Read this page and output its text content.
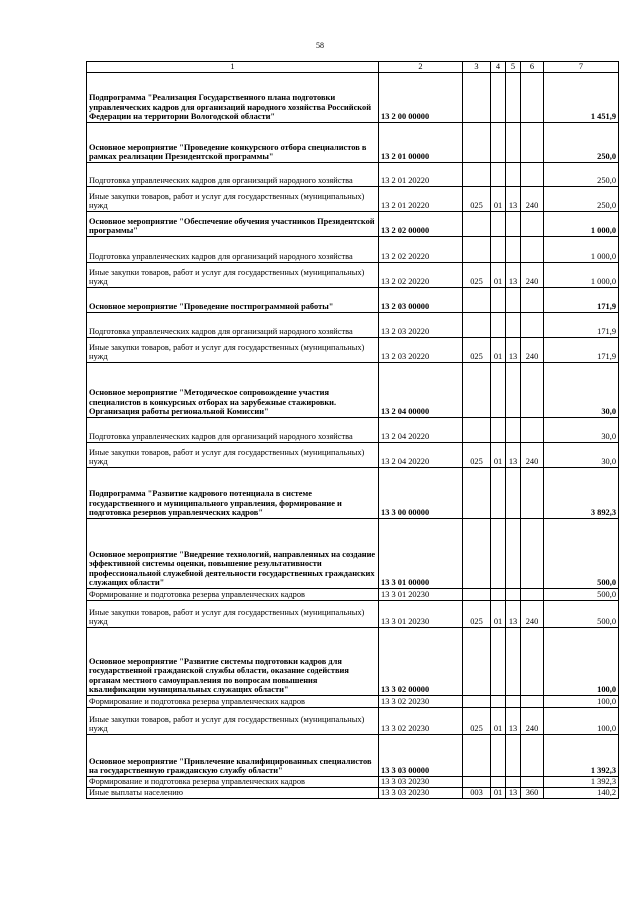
58
1	2	3	4	5	6	7
Подпрограмма "Реализация Государственного плана подготовки управленческих кадров для организаций народного хозяйства Российской Федерации на территории Вологодской области"	13 2 00 00000					1 451,9
Основное мероприятие "Проведение конкурсного отбора специалистов в рамках реализации Президентской программы"	13 2 01 00000					250,0
Подготовка управленческих кадров для организаций народного хозяйства	13 2 01 20220					250,0
Иные закупки товаров, работ и услуг для государственных (муниципальных) нужд	13 2 01 20220	025	01	13	240	250,0
Основное мероприятие "Обеспечение обучения участников Президентской программы"	13 2 02 00000					1 000,0
Подготовка управленческих кадров для организаций народного хозяйства	13 2 02 20220					1 000,0
Иные закупки товаров, работ и услуг для государственных (муниципальных) нужд	13 2 02 20220	025	01	13	240	1 000,0
Основное мероприятие "Проведение постпрограммной работы"	13 2 03 00000					171,9
Подготовка управленческих кадров для организаций народного хозяйства	13 2 03 20220					171,9
Иные закупки товаров, работ и услуг для государственных (муниципальных) нужд	13 2 03 20220	025	01	13	240	171,9
Основное мероприятие "Методическое сопровождение участия специалистов в конкурсных отборах на зарубежные стажировки. Организация работы региональной Комиссии"	13 2 04 00000					30,0
Подготовка управленческих кадров для организаций народного хозяйства	13 2 04 20220					30,0
Иные закупки товаров, работ и услуг для государственных (муниципальных) нужд	13 2 04 20220	025	01	13	240	30,0
Подпрограмма "Развитие кадрового потенциала в системе государственного и муниципального управления, формирование и подготовка резервов управленческих кадров"	13 3 00 00000					3 892,3
Основное мероприятие "Внедрение технологий, направленных на создание эффективной системы оценки, повышение результативности профессиональной служебной деятельности государственных гражданских служащих области"	13 3 01 00000					500,0
Формирование и подготовка резерва управленческих кадров	13 3 01 20230					500,0
Иные закупки товаров, работ и услуг для государственных (муниципальных) нужд	13 3 01 20230	025	01	13	240	500,0
Основное мероприятие "Развитие системы подготовки кадров для государственной гражданской службы области, оказание содействия органам местного самоуправления по вопросам повышения квалификации муниципальных служащих области"	13 3 02 00000					100,0
Формирование и подготовка резерва управленческих кадров	13 3 02 20230					100,0
Иные закупки товаров, работ и услуг для государственных (муниципальных) нужд	13 3 02 20230	025	01	13	240	100,0
Основное мероприятие "Привлечение квалифицированных специалистов на государственную гражданскую службу области"	13 3 03 00000					1 392,3
Формирование и подготовка резерва управленческих кадров	13 3 03 20230					1 392,3
Иные выплаты населению	13 3 03 20230	003	01	13	360	140,2
